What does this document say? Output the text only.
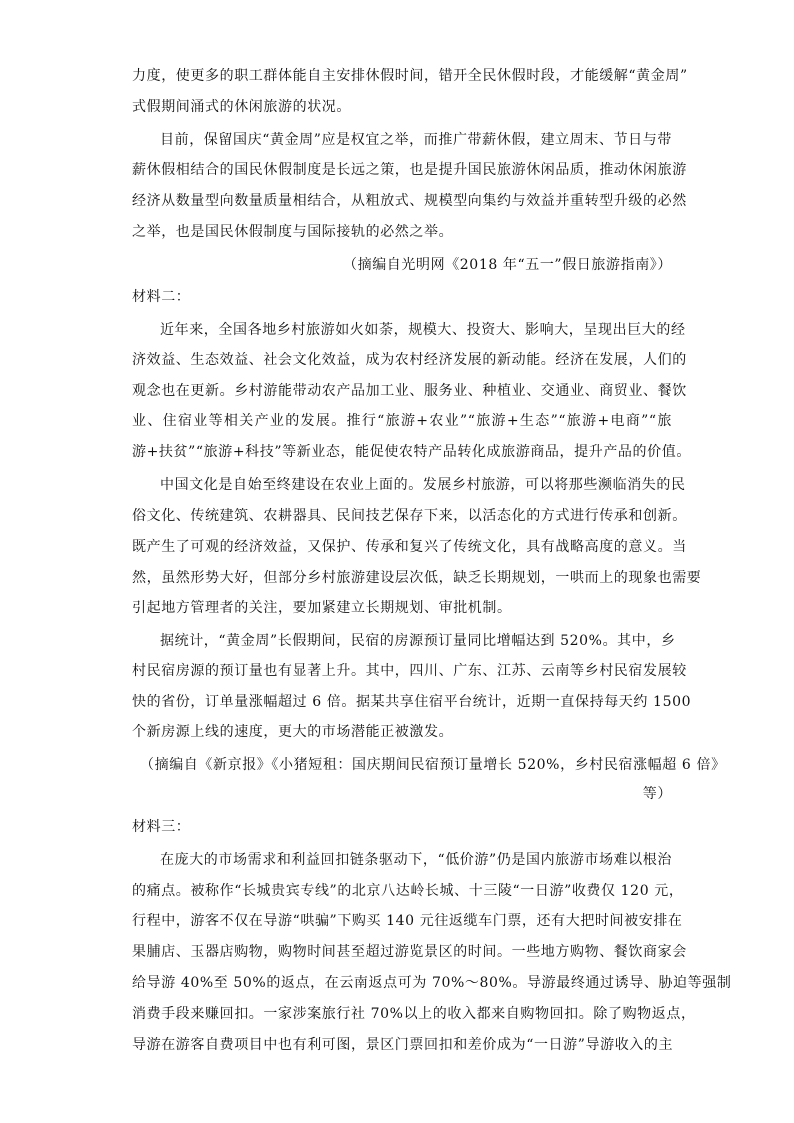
力度，使更多的职工群体能自主安排休假时间，错开全民休假时段，才能缓解“黄金周”
式假期间涌式的休闲旅游的状况。
目前，保留国庆“黄金周”应是权宜之举，而推广带薪休假，建立周末、节日与带
薪休假相结合的国民休假制度是长远之策，也是提升国民旅游休闲品质，推动休闲旅游
经济从数量型向数量质量相结合，从粗放式、规模型向集约与效益并重转型升级的必然
之举，也是国民休假制度与国际接轨的必然之举。
（摘编自光明网《2018 年“五一”假日旅游指南》）
材料二：
近年来，全国各地乡村旅游如火如荼，规模大、投资大、影响大，呈现出巨大的经
济效益、生态效益、社会文化效益，成为农村经济发展的新动能。经济在发展，人们的
观念也在更新。乡村游能带动农产品加工业、服务业、种植业、交通业、商贸业、餐饮
业、住宿业等相关产业的发展。推行“旅游+农业”“旅游+生态”“旅游+电商”“旅
游+扶贫”“旅游+科技”等新业态，能促使农特产品转化成旅游商品，提升产品的价值。
中国文化是自始至终建设在农业上面的。发展乡村旅游，可以将那些濒临消失的民
俗文化、传统建筑、农耕器具、民间技艺保存下来，以活态化的方式进行传承和创新。
既产生了可观的经济效益，又保护、传承和复兴了传统文化，具有战略高度的意义。当
然，虽然形势大好，但部分乡村旅游建设层次低，缺乏长期规划，一哄而上的现象也需要
引起地方管理者的关注，要加紧建立长期规划、审批机制。
据统计，“黄金周”长假期间，民宿的房源预订量同比增幅达到 520%。其中，乡
村民宿房源的预订量也有显著上升。其中，四川、广东、江苏、云南等乡村民宿发展较
快的省份，订单量涨幅超过 6 倍。据某共享住宿平台统计，近期一直保持每天约 1500
个新房源上线的速度，更大的市场潜能正被激发。
（摘编自《新京报》《小猪短租：国庆期间民宿预订量增长 520%，乡村民宿涨幅超 6 倍》
等）
材料三：
在庞大的市场需求和利益回扣链条驱动下，“低价游”仍是国内旅游市场难以根治
的痛点。被称作“长城贵宾专线”的北京八达岭长城、十三陵“一日游”收费仅 120 元，
行程中，游客不仅在导游“哄骗”下购买 140 元往返缆车门票，还有大把时间被安排在
果脯店、玉器店购物，购物时间甚至超过游览景区的时间。一些地方购物、餐饮商家会
给导游 40%至 50%的返点，在云南返点可为 70%～80%。导游最终通过诱导、胁迫等强制
消费手段来赚回扣。一家涉案旅行社 70%以上的收入都来自购物回扣。除了购物返点，
导游在游客自费项目中也有利可图，景区门票回扣和差价成为“一日游”导游收入的主
